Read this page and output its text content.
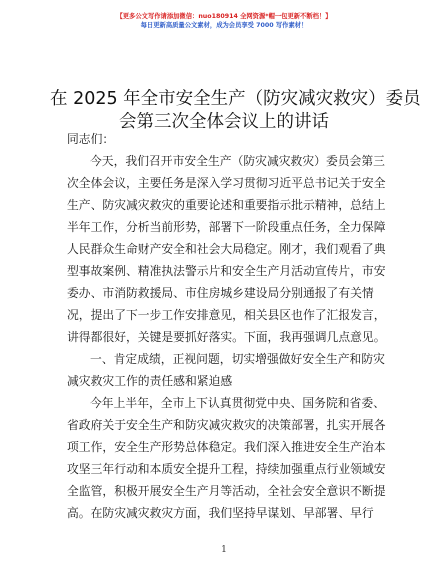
【更多公文写作请添加微信：nuo180914 全网资源*帽一包更新不断档！】
每日更新高质量公文素材，成为会员享受 7000 写作素材！
在 2025 年全市安全生产（防灾减灾救灾）委员
会第三次全体会议上的讲话
同志们：
今天，我们召开市安全生产（防灾减灾救灾）委员会第三
次全体会议，主要任务是深入学习贯彻习近平总书记关于安全
生产、防灾减灾救灾的重要论述和重要指示批示精神，总结上
半年工作，分析当前形势，部署下一阶段重点任务，全力保障
人民群众生命财产安全和社会大局稳定。刚才，我们观看了典
型事故案例、精准执法警示片和安全生产月活动宣传片，市安
委办、市消防救援局、市住房城乡建设局分别通报了有关情
况，提出了下一步工作安排意见，相关县区也作了汇报发言，
讲得都很好，关键是要抓好落实。下面，我再强调几点意见。
一、肯定成绩，正视问题，切实增强做好安全生产和防灾
减灾救灾工作的责任感和紧迫感
今年上半年，全市上下认真贯彻党中央、国务院和省委、
省政府关于安全生产和防灾减灾救灾的决策部署，扎实开展各
项工作，安全生产形势总体稳定。我们深入推进安全生产治本
攻坚三年行动和本质安全提升工程，持续加强重点行业领域安
全监管，积极开展安全生产月等活动，全社会安全意识不断提
高。在防灾减灾救灾方面，我们坚持早谋划、早部署、早行
1
